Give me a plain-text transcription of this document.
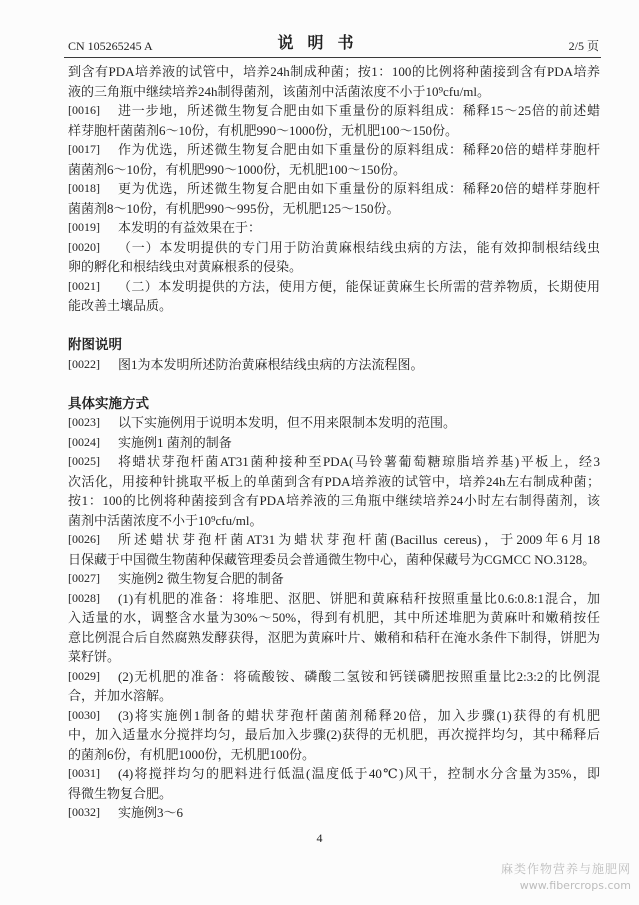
CN 105265245 A	说 明 书	2/5 页
到含有PDA培养液的试管中，培养24h制成种菌；按1：100的比例将种菌接到含有PDA培养
液的三角瓶中继续培养24h制得菌剂，该菌剂中活菌浓度不小于10⁹cfu/ml。
[0016]	进一步地，所述微生物复合肥由如下重量份的原料组成：稀释15～25倍的前述蜡
样芽胞杆菌菌剂6～10份，有机肥990～1000份，无机肥100～150份。
[0017]	作为优选，所述微生物复合肥由如下重量份的原料组成：稀释20倍的蜡样芽胞杆
菌菌剂6～10份，有机肥990～1000份，无机肥100～150份。
[0018]	更为优选，所述微生物复合肥由如下重量份的原料组成：稀释20倍的蜡样芽胞杆
菌菌剂8～10份，有机肥990～995份，无机肥125～150份。
[0019]	本发明的有益效果在于：
[0020]	（一）本发明提供的专门用于防治黄麻根结线虫病的方法，能有效抑制根结线虫
卵的孵化和根结线虫对黄麻根系的侵染。
[0021]	（二）本发明提供的方法，使用方便，能保证黄麻生长所需的营养物质，长期使用
能改善土壤品质。
附图说明
[0022]	图1为本发明所述防治黄麻根结线虫病的方法流程图。
具体实施方式
[0023]	以下实施例用于说明本发明，但不用来限制本发明的范围。
[0024]	实施例1 菌剂的制备
[0025]	将蜡状芽孢杆菌AT31菌种接种至PDA(马铃薯葡萄糖琼脂培养基)平板上，经3
次活化，用接种针挑取平板上的单菌到含有PDA培养液的试管中，培养24h左右制成种菌；
按1：100的比例将种菌接到含有PDA培养液的三角瓶中继续培养24小时左右制得菌剂，该
菌剂中活菌浓度不小于10⁹cfu/ml。
[0026]	所述蜡状芽孢杆菌AT31为蜡状芽孢杆菌(Bacillus cereus)，于2009年6月18
日保藏于中国微生物菌种保藏管理委员会普通微生物中心，菌种保藏号为CGMCC NO.3128。
[0027]	实施例2 微生物复合肥的制备
[0028]	(1)有机肥的准备：将堆肥、沤肥、饼肥和黄麻秸秆按照重量比0.6:0.8:1混合，加
入适量的水，调整含水量为30%～50%，得到有机肥，其中所述堆肥为黄麻叶和嫩稍按任
意比例混合后自然腐熟发酵获得，沤肥为黄麻叶片、嫩稍和秸秆在淹水条件下制得，饼肥为
菜籽饼。
[0029]	(2)无机肥的准备：将硫酸铵、磷酸二氢铵和钙镁磷肥按照重量比2:3:2的比例混
合，并加水溶解。
[0030]	(3)将实施例1制备的蜡状芽孢杆菌菌剂稀释20倍，加入步骤(1)获得的有机肥
中，加入适量水分搅拌均匀，最后加入步骤(2)获得的无机肥，再次搅拌均匀，其中稀释后
的菌剂6份，有机肥1000份，无机肥100份。
[0031]	(4)将搅拌均匀的肥料进行低温(温度低于40℃)风干，控制水分含量为35%，即
得微生物复合肥。
[0032]	实施例3～6
4
麻类作物营养与施肥网
www.fibercrops.com
